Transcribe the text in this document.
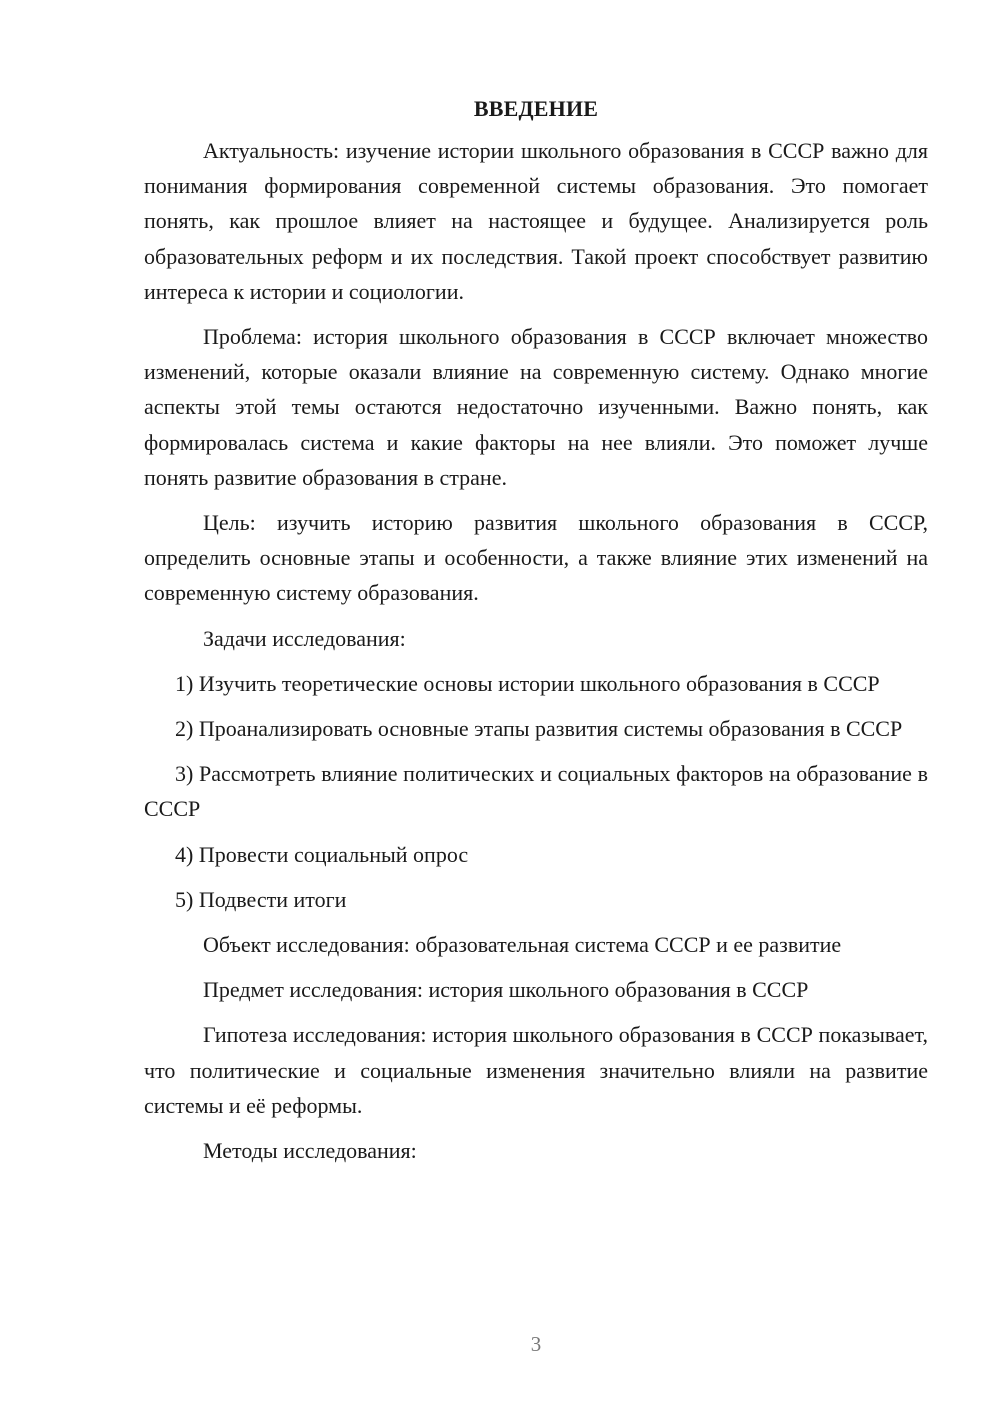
ВВЕДЕНИЕ

Актуальность: изучение истории школьного образования в СССР важно для понимания формирования современной системы образования. Это помогает понять, как прошлое влияет на настоящее и будущее. Анализируется роль образовательных реформ и их последствия. Такой проект способствует развитию интереса к истории и социологии.

Проблема: история школьного образования в СССР включает множество изменений, которые оказали влияние на современную систему. Однако многие аспекты этой темы остаются недостаточно изученными. Важно понять, как формировалась система и какие факторы на нее влияли. Это поможет лучше понять развитие образования в стране.

Цель: изучить историю развития школьного образования в СССР, определить основные этапы и особенности, а также влияние этих изменений на современную систему образования.

Задачи исследования:

1) Изучить теоретические основы истории школьного образования в СССР

2) Проанализировать основные этапы развития системы образования в СССР

3) Рассмотреть влияние политических и социальных факторов на образование в СССР

4) Провести социальный опрос

5) Подвести итоги

Объект исследования: образовательная система СССР и ее развитие

Предмет исследования: история школьного образования в СССР

Гипотеза исследования: история школьного образования в СССР показывает, что политические и социальные изменения значительно влияли на развитие системы и её реформы.

Методы исследования:

3
